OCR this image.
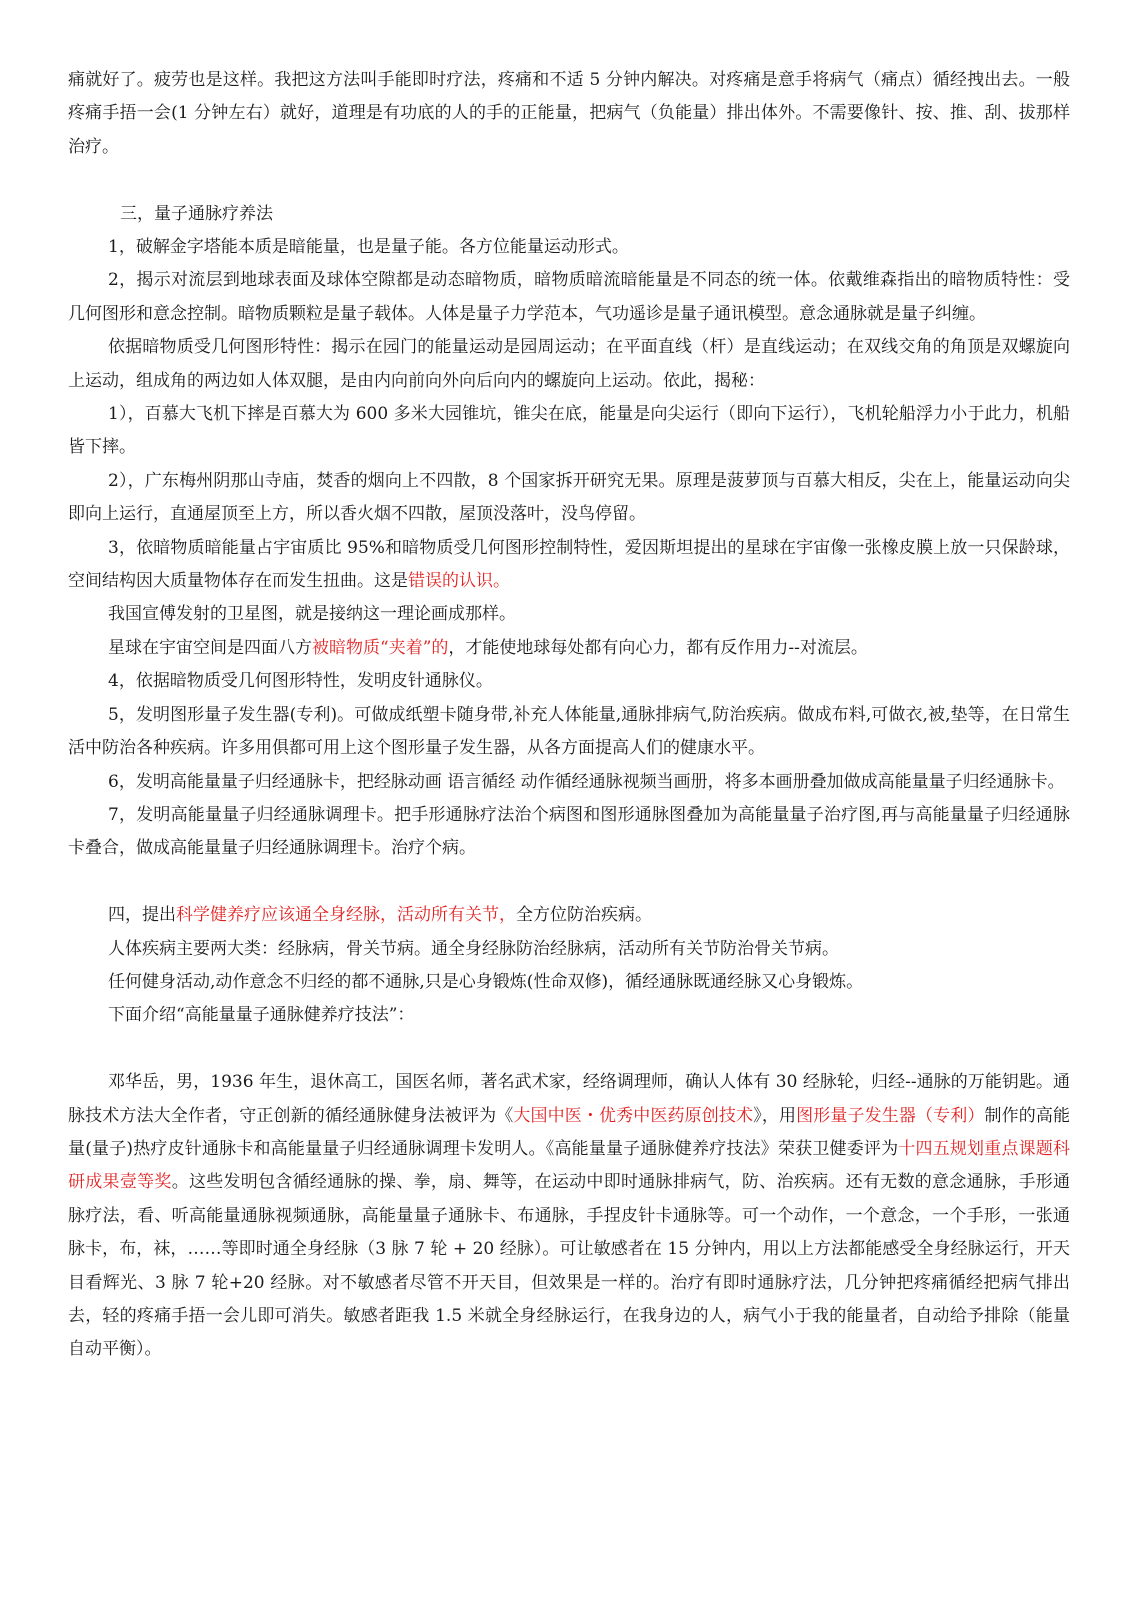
痛就好了。疲劳也是这样。我把这方法叫手能即时疗法，疼痛和不适 5 分钟内解决。对疼痛是意手将病气（痛点）循经拽出去。一般疼痛手捂一会(1 分钟左右）就好，道理是有功底的人的手的正能量，把病气（负能量）排出体外。不需要像针、按、推、刮、拔那样治疗。

三，量子通脉疗养法

1，破解金字塔能本质是暗能量，也是量子能。各方位能量运动形式。

2，揭示对流层到地球表面及球体空隙都是动态暗物质，暗物质暗流暗能量是不同态的统一体。依戴维森指出的暗物质特性：受几何图形和意念控制。暗物质颗粒是量子载体。人体是量子力学范本，气功遥诊是量子通讯模型。意念通脉就是量子纠缠。

依据暗物质受几何图形特性：揭示在园门的能量运动是园周运动；在平面直线（杆）是直线运动；在双线交角的角顶是双螺旋向上运动，组成角的两边如人体双腿，是由内向前向外向后向内的螺旋向上运动。依此，揭秘：

1），百慕大飞机下摔是百慕大为 600 多米大园锥坑，锥尖在底，能量是向尖运行（即向下运行），飞机轮船浮力小于此力，机船皆下摔。

2），广东梅州阴那山寺庙，焚香的烟向上不四散，8 个国家拆开研究无果。原理是菠萝顶与百慕大相反，尖在上，能量运动向尖即向上运行，直通屋顶至上方，所以香火烟不四散，屋顶没落叶，没鸟停留。

3，依暗物质暗能量占宇宙质比 95%和暗物质受几何图形控制特性，爱因斯坦提出的星球在宇宙像一张橡皮膜上放一只保龄球，空间结构因大质量物体存在而发生扭曲。这是错误的认识。

我国宣傅发射的卫星图，就是接纳这一理论画成那样。

星球在宇宙空间是四面八方被暗物质“夹着”的，才能使地球每处都有向心力，都有反作用力--对流层。

4，依据暗物质受几何图形特性，发明皮针通脉仪。

5，发明图形量子发生器(专利)。可做成纸塑卡随身带,补充人体能量,通脉排病气,防治疾病。做成布料,可做衣,被,垫等，在日常生活中防治各种疾病。许多用俱都可用上这个图形量子发生器，从各方面提高人们的健康水平。

6，发明高能量量子归经通脉卡，把经脉动画 语言循经 动作循经通脉视频当画册，将多本画册叠加做成高能量量子归经通脉卡。

7，发明高能量量子归经通脉调理卡。把手形通脉疗法治个病图和图形通脉图叠加为高能量量子治疗图,再与高能量量子归经通脉卡叠合，做成高能量量子归经通脉调理卡。治疗个病。

四，提出科学健养疗应该通全身经脉，活动所有关节，全方位防治疾病。

人体疾病主要两大类：经脉病，骨关节病。通全身经脉防治经脉病，活动所有关节防治骨关节病。

任何健身活动,动作意念不归经的都不通脉,只是心身锻炼(性命双修)，循经通脉既通经脉又心身锻炼。

下面介绍“高能量量子通脉健养疗技法”：

邓华岳，男，1936 年生，退休高工，国医名师，著名武术家，经络调理师，确认人体有 30 经脉轮，归经--通脉的万能钥匙。通脉技术方法大全作者，守正创新的循经通脉健身法被评为《大国中医・优秀中医药原创技术》，用图形量子发生器（专利）制作的高能量(量子)热疗皮针通脉卡和高能量量子归经通脉调理卡发明人。《高能量量子通脉健养疗技法》荣获卫健委评为十四五规划重点课题科研成果壹等奖。这些发明包含循经通脉的操、拳，扇、舞等，在运动中即时通脉排病气，防、治疾病。还有无数的意念通脉，手形通脉疗法，看、听高能量通脉视频通脉，高能量量子通脉卡、布通脉，手捏皮针卡通脉等。可一个动作，一个意念，一个手形，一张通脉卡，布，袜，……等即时通全身经脉（3 脉 7 轮 + 20 经脉）。可让敏感者在 15 分钟内，用以上方法都能感受全身经脉运行，开天目看辉光、3 脉 7 轮+20 经脉。对不敏感者尽管不开天目，但效果是一样的。治疗有即时通脉疗法，几分钟把疼痛循经把病气排出去，轻的疼痛手捂一会儿即可消失。敏感者距我 1.5 米就全身经脉运行，在我身边的人，病气小于我的能量者，自动给予排除（能量自动平衡）。
